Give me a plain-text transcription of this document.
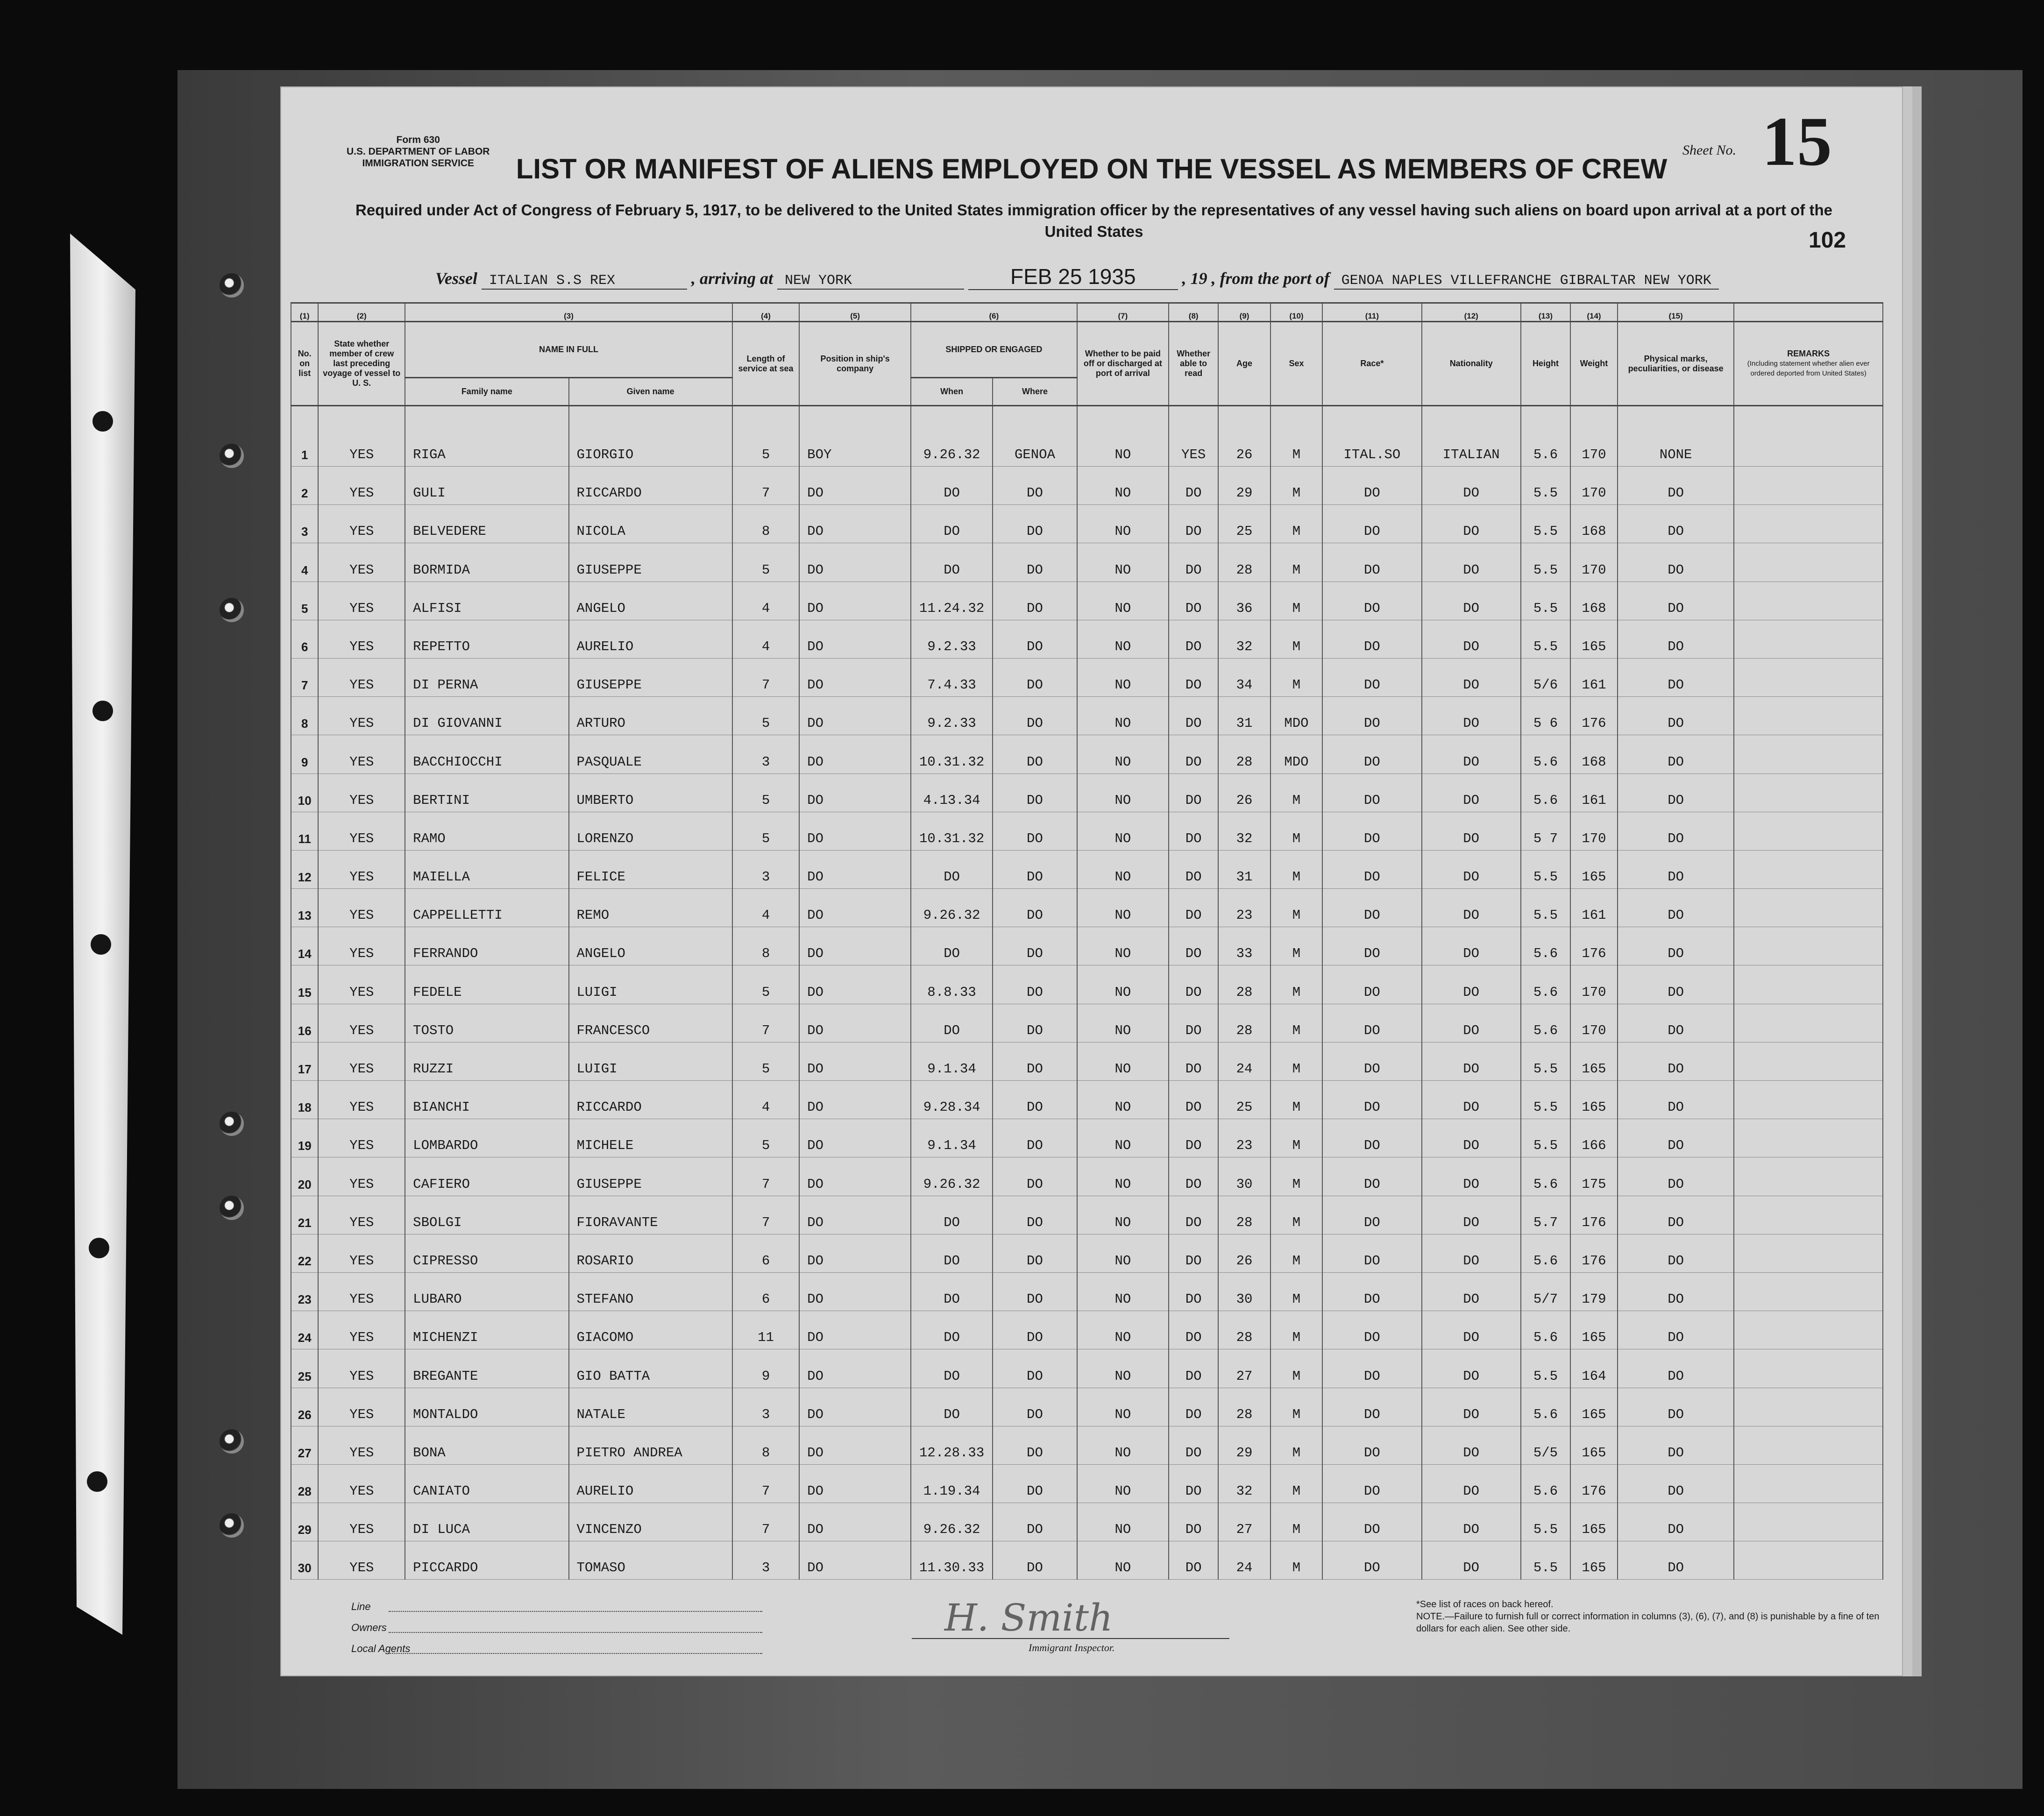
Form 630
U.S. DEPARTMENT OF LABOR
IMMIGRATION SERVICE
Sheet No. 15
LIST OR MANIFEST OF ALIENS EMPLOYED ON THE VESSEL AS MEMBERS OF CREW
Required under Act of Congress of February 5, 1917, to be delivered to the United States immigration officer by the representatives of any vessel having such aliens on board upon arrival at a port of the United States	102
Vessel ITALIAN S.S REX	, arriving at NEW YORK	FEB 25 1935	, 19 , from the port of GENOA NAPLES VILLEFRANCHE GIBRALTAR NEW YORK
(1)	(2)	(3)		(4)	(5)	(6)		(7)	(8)	(9)	(10)	(11)	(12)	(13)	(14)	(15)	
No. on list	State whether member of crew last preceding voyage of vessel to U. S.	NAME IN FULL		Length of service at sea	Position in ship's company	SHIPPED OR ENGAGED		Whether to be paid off or discharged at port of arrival	Whether able to read	Age	Sex	Race*	Nationality	Height	Weight	Physical marks, peculiarities, or disease	REMARKS
(Including statement whether alien ever ordered deported from United States)

		Family name	Given name			When	Where										
1	YES	RIGA	GIORGIO	5	BOY	9.26.32	GENOA	NO	YES	26	M	ITAL.SO	ITALIAN	5.6	170	NONE	
2	YES	GULI	RICCARDO	7	DO	DO	DO	NO	DO	29	M	DO	DO	5.5	170	DO	
3	YES	BELVEDERE	NICOLA	8	DO	DO	DO	NO	DO	25	M	DO	DO	5.5	168	DO	
4	YES	BORMIDA	GIUSEPPE	5	DO	DO	DO	NO	DO	28	M	DO	DO	5.5	170	DO	
5	YES	ALFISI	ANGELO	4	DO	11.24.32	DO	NO	DO	36	M	DO	DO	5.5	168	DO	
6	YES	REPETTO	AURELIO	4	DO	9.2.33	DO	NO	DO	32	M	DO	DO	5.5	165	DO	
7	YES	DI PERNA	GIUSEPPE	7	DO	7.4.33	DO	NO	DO	34	M	DO	DO	5/6	161	DO	
8	YES	DI GIOVANNI	ARTURO	5	DO	9.2.33	DO	NO	DO	31	MDO	DO	DO	5 6	176	DO	
9	YES	BACCHIOCCHI	PASQUALE	3	DO	10.31.32	DO	NO	DO	28	MDO	DO	DO	5.6	168	DO	
10	YES	BERTINI	UMBERTO	5	DO	4.13.34	DO	NO	DO	26	M	DO	DO	5.6	161	DO	
11	YES	RAMO	LORENZO	5	DO	10.31.32	DO	NO	DO	32	M	DO	DO	5 7	170	DO	
12	YES	MAIELLA	FELICE	3	DO	DO	DO	NO	DO	31	M	DO	DO	5.5	165	DO	
13	YES	CAPPELLETTI	REMO	4	DO	9.26.32	DO	NO	DO	23	M	DO	DO	5.5	161	DO	
14	YES	FERRANDO	ANGELO	8	DO	DO	DO	NO	DO	33	M	DO	DO	5.6	176	DO	
15	YES	FEDELE	LUIGI	5	DO	8.8.33	DO	NO	DO	28	M	DO	DO	5.6	170	DO	
16	YES	TOSTO	FRANCESCO	7	DO	DO	DO	NO	DO	28	M	DO	DO	5.6	170	DO	
17	YES	RUZZI	LUIGI	5	DO	9.1.34	DO	NO	DO	24	M	DO	DO	5.5	165	DO	
18	YES	BIANCHI	RICCARDO	4	DO	9.28.34	DO	NO	DO	25	M	DO	DO	5.5	165	DO	
19	YES	LOMBARDO	MICHELE	5	DO	9.1.34	DO	NO	DO	23	M	DO	DO	5.5	166	DO	
20	YES	CAFIERO	GIUSEPPE	7	DO	9.26.32	DO	NO	DO	30	M	DO	DO	5.6	175	DO	
21	YES	SBOLGI	FIORAVANTE	7	DO	DO	DO	NO	DO	28	M	DO	DO	5.7	176	DO	
22	YES	CIPRESSO	ROSARIO	6	DO	DO	DO	NO	DO	26	M	DO	DO	5.6	176	DO	
23	YES	LUBARO	STEFANO	6	DO	DO	DO	NO	DO	30	M	DO	DO	5/7	179	DO	
24	YES	MICHENZI	GIACOMO	11	DO	DO	DO	NO	DO	28	M	DO	DO	5.6	165	DO	
25	YES	BREGANTE	GIO BATTA	9	DO	DO	DO	NO	DO	27	M	DO	DO	5.5	164	DO	
26	YES	MONTALDO	NATALE	3	DO	DO	DO	NO	DO	28	M	DO	DO	5.6	165	DO	
27	YES	BONA	PIETRO ANDREA	8	DO	12.28.33	DO	NO	DO	29	M	DO	DO	5/5	165	DO	
28	YES	CANIATO	AURELIO	7	DO	1.19.34	DO	NO	DO	32	M	DO	DO	5.6	176	DO	
29	YES	DI LUCA	VINCENZO	7	DO	9.26.32	DO	NO	DO	27	M	DO	DO	5.5	165	DO	
30	YES	PICCARDO	TOMASO	3	DO	11.30.33	DO	NO	DO	24	M	DO	DO	5.5	165	DO	
Line
Owners
Local Agents
H. Smith
Immigrant Inspector.
*See list of races on back hereof.
NOTE.—Failure to furnish full or correct information in columns (3), (6), (7), and (8) is punishable by a fine of ten dollars for each alien. See other side.
